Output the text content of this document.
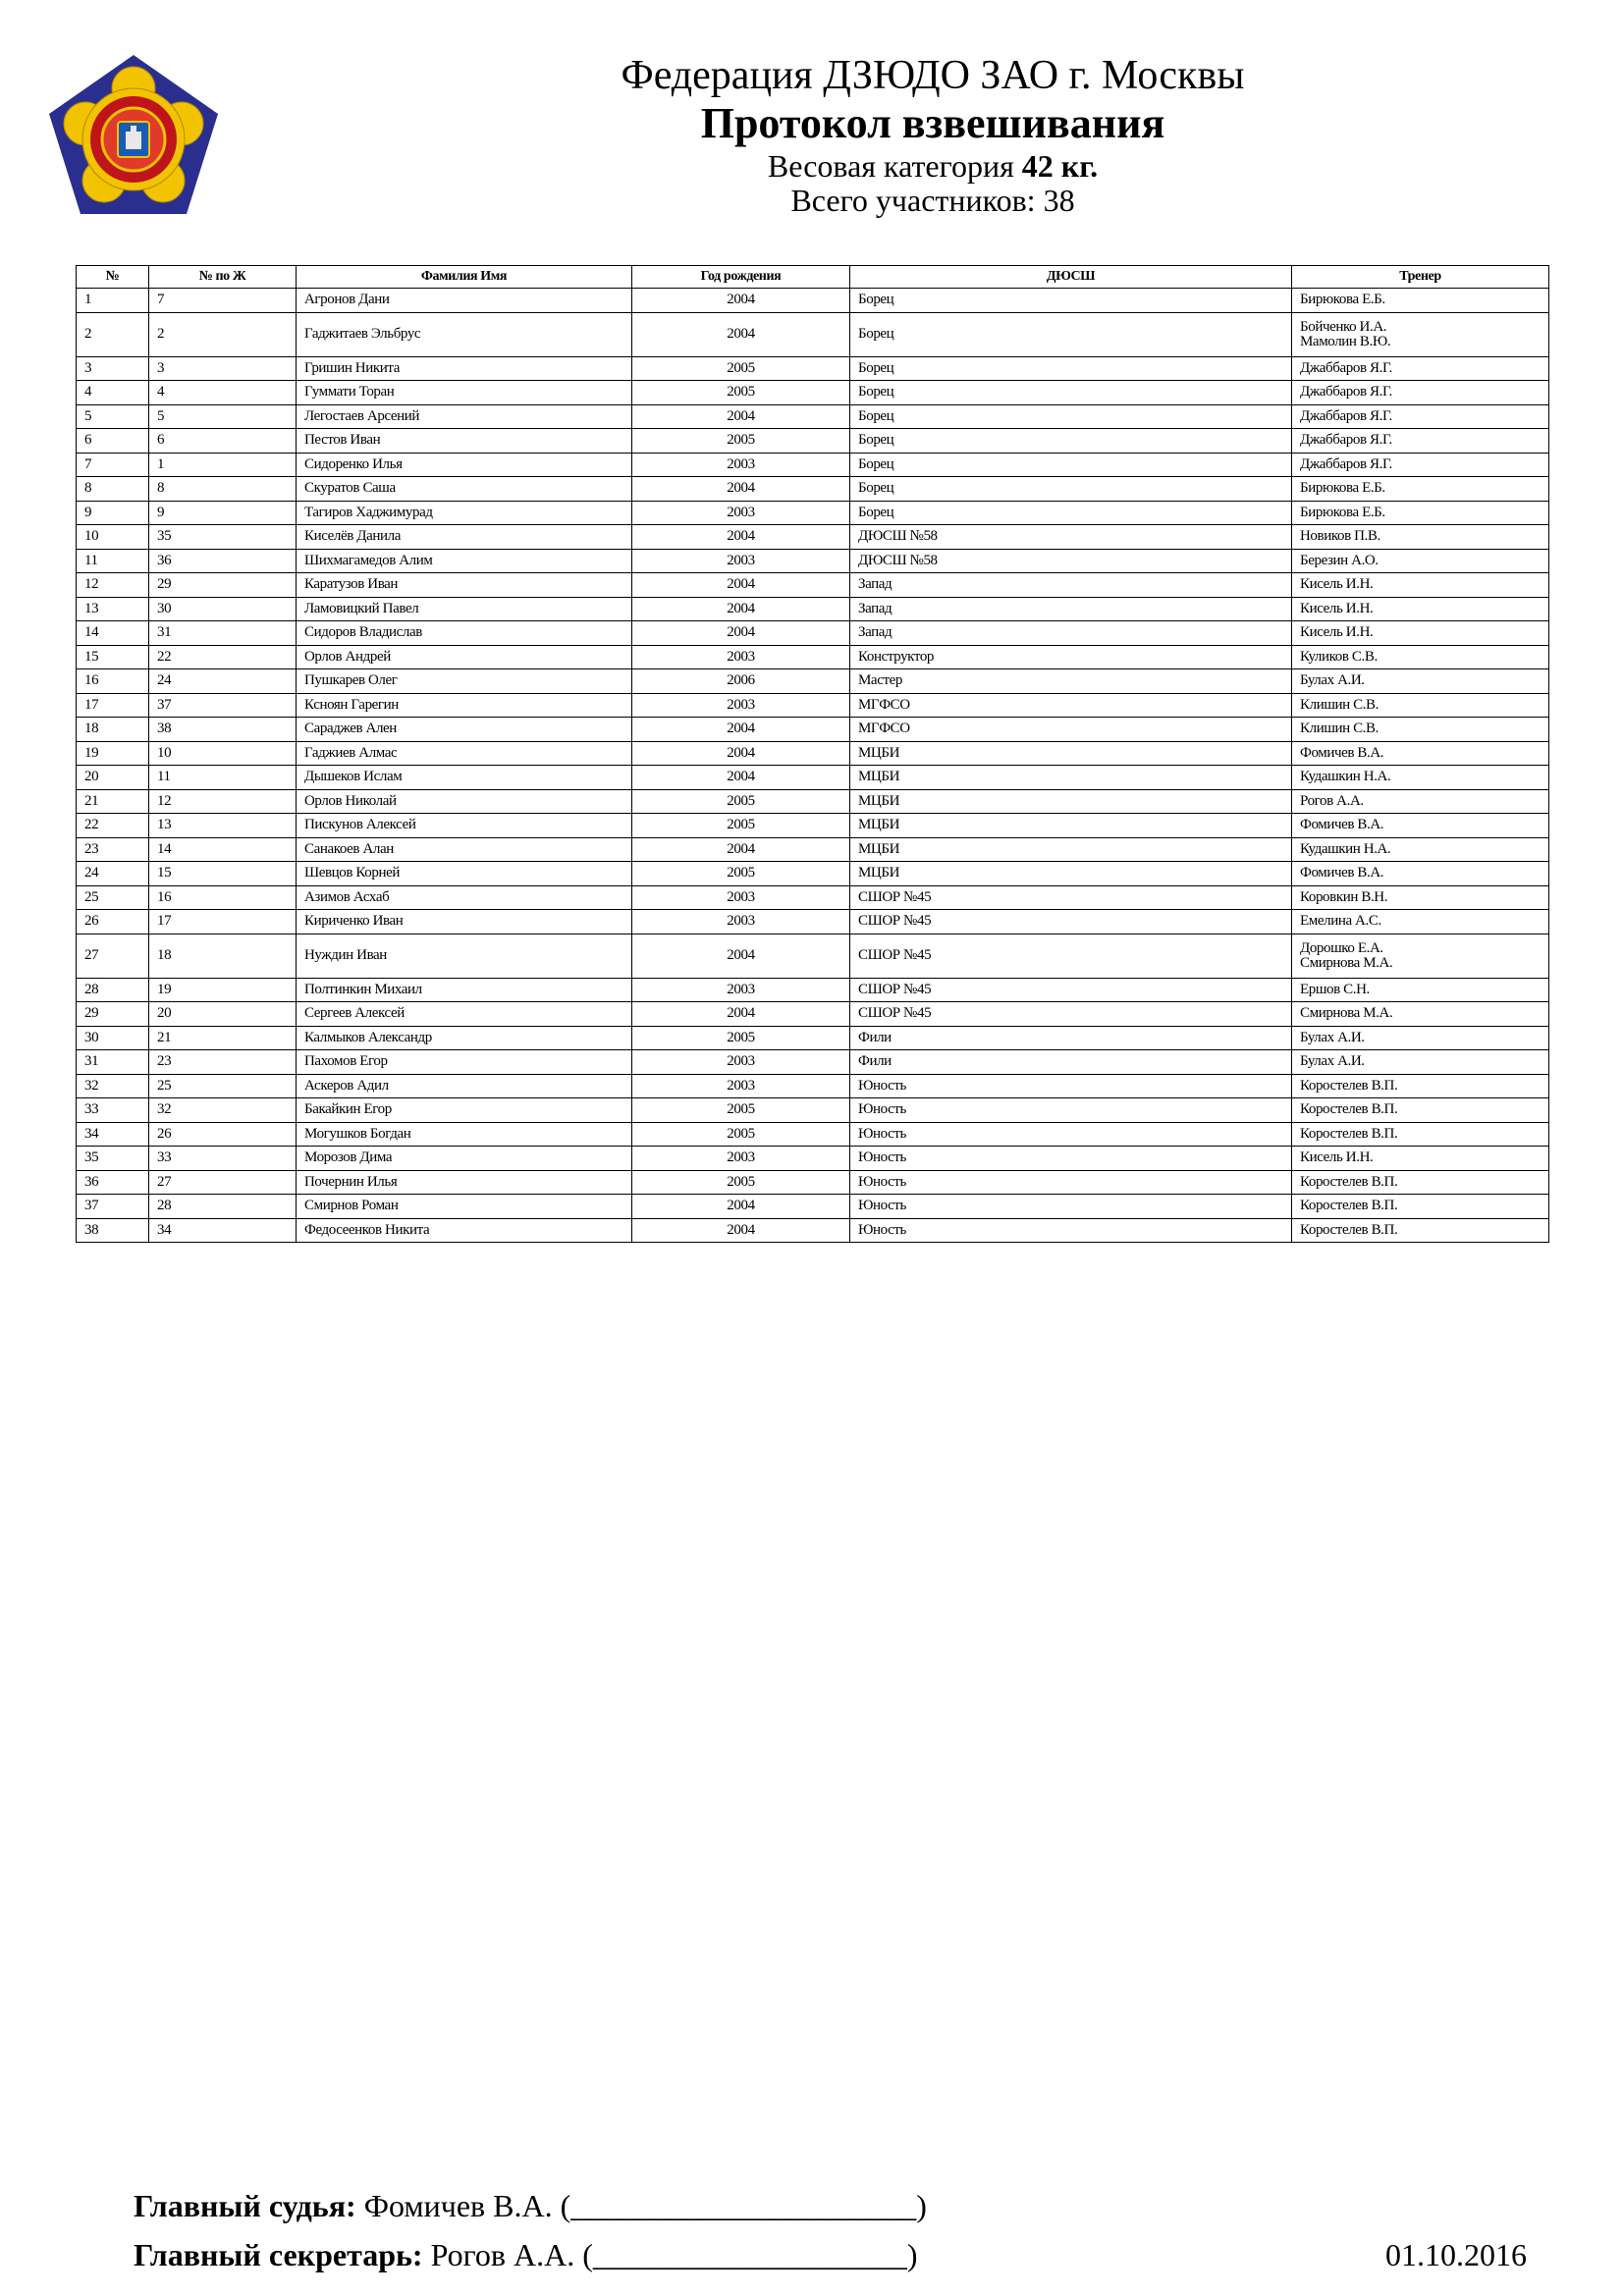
Федерация ДЗЮДО ЗАО г. Москвы
Протокол взвешивания
Весовая категория 42 кг.
Всего участников: 38
№	№ по Ж	Фамилия Имя	Год рождения	ДЮСШ	Тренер
1	7	Агронов Дани	2004	Борец	Бирюкова Е.Б.
2	2	Гаджитаев Эльбрус	2004	Борец	Бойченко И.А.
Мамолин В.Ю.
3	3	Гришин Никита	2005	Борец	Джаббаров Я.Г.
4	4	Гуммати Торан	2005	Борец	Джаббаров Я.Г.
5	5	Легостаев Арсений	2004	Борец	Джаббаров Я.Г.
6	6	Пестов Иван	2005	Борец	Джаббаров Я.Г.
7	1	Сидоренко Илья	2003	Борец	Джаббаров Я.Г.
8	8	Скуратов Саша	2004	Борец	Бирюкова Е.Б.
9	9	Тагиров Хаджимурад	2003	Борец	Бирюкова Е.Б.
10	35	Киселёв Данила	2004	ДЮСШ №58	Новиков П.В.
11	36	Шихмагамедов Алим	2003	ДЮСШ №58	Березин А.О.
12	29	Каратузов Иван	2004	Запад	Кисель И.Н.
13	30	Ламовицкий Павел	2004	Запад	Кисель И.Н.
14	31	Сидоров Владислав	2004	Запад	Кисель И.Н.
15	22	Орлов Андрей	2003	Конструктор	Куликов С.В.
16	24	Пушкарев Олег	2006	Мастер	Булах А.И.
17	37	Ксноян Гарегин	2003	МГФСО	Клишин С.В.
18	38	Сараджев Ален	2004	МГФСО	Клишин С.В.
19	10	Гаджиев Алмас	2004	МЦБИ	Фомичев В.А.
20	11	Дышеков Ислам	2004	МЦБИ	Кудашкин Н.А.
21	12	Орлов Николай	2005	МЦБИ	Рогов А.А.
22	13	Пискунов Алексей	2005	МЦБИ	Фомичев В.А.
23	14	Санакоев Алан	2004	МЦБИ	Кудашкин Н.А.
24	15	Шевцов Корней	2005	МЦБИ	Фомичев В.А.
25	16	Азимов Асхаб	2003	СШОР №45	Коровкин В.Н.
26	17	Кириченко Иван	2003	СШОР №45	Емелина А.С.
27	18	Нуждин Иван	2004	СШОР №45	Дорошко Е.А.
Смирнова М.А.
28	19	Полтинкин Михаил	2003	СШОР №45	Ершов С.Н.
29	20	Сергеев Алексей	2004	СШОР №45	Смирнова М.А.
30	21	Калмыков Александр	2005	Фили	Булах А.И.
31	23	Пахомов Егор	2003	Фили	Булах А.И.
32	25	Аскеров Адил	2003	Юность	Коростелев В.П.
33	32	Бакайкин Егор	2005	Юность	Коростелев В.П.
34	26	Могушков Богдан	2005	Юность	Коростелев В.П.
35	33	Морозов Дима	2003	Юность	Кисель И.Н.
36	27	Почернин Илья	2005	Юность	Коростелев В.П.
37	28	Смирнов Роман	2004	Юность	Коростелев В.П.
38	34	Федосеенков Никита	2004	Юность	Коростелев В.П.
Главный судья: Фомичев В.А. (______________________)
Главный секретарь: Рогов А.А. (____________________)	01.10.2016
